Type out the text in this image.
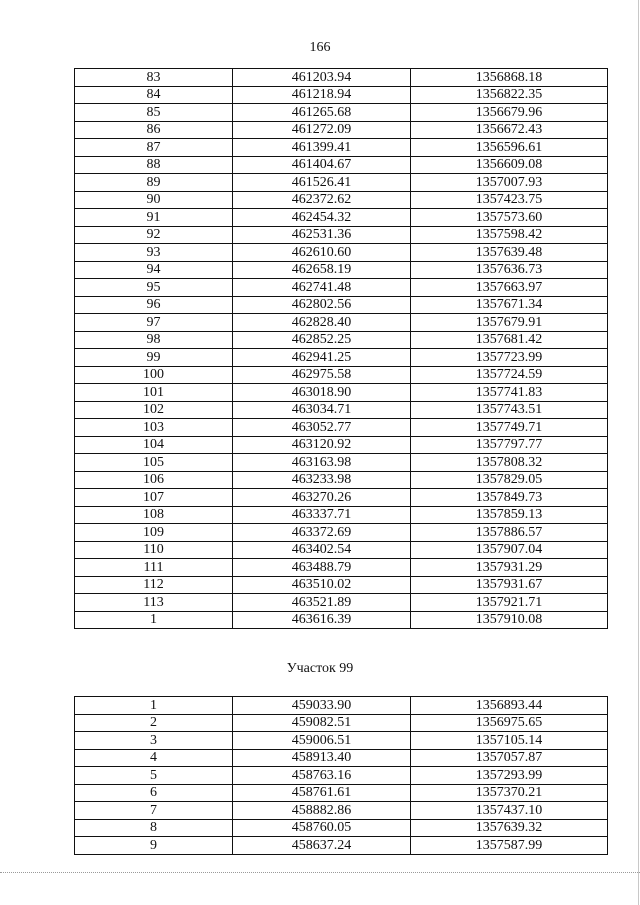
166
83	461203.94	1356868.18
84	461218.94	1356822.35
85	461265.68	1356679.96
86	461272.09	1356672.43
87	461399.41	1356596.61
88	461404.67	1356609.08
89	461526.41	1357007.93
90	462372.62	1357423.75
91	462454.32	1357573.60
92	462531.36	1357598.42
93	462610.60	1357639.48
94	462658.19	1357636.73
95	462741.48	1357663.97
96	462802.56	1357671.34
97	462828.40	1357679.91
98	462852.25	1357681.42
99	462941.25	1357723.99
100	462975.58	1357724.59
101	463018.90	1357741.83
102	463034.71	1357743.51
103	463052.77	1357749.71
104	463120.92	1357797.77
105	463163.98	1357808.32
106	463233.98	1357829.05
107	463270.26	1357849.73
108	463337.71	1357859.13
109	463372.69	1357886.57
110	463402.54	1357907.04
111	463488.79	1357931.29
112	463510.02	1357931.67
113	463521.89	1357921.71
1	463616.39	1357910.08
Участок 99
1	459033.90	1356893.44
2	459082.51	1356975.65
3	459006.51	1357105.14
4	458913.40	1357057.87
5	458763.16	1357293.99
6	458761.61	1357370.21
7	458882.86	1357437.10
8	458760.05	1357639.32
9	458637.24	1357587.99
